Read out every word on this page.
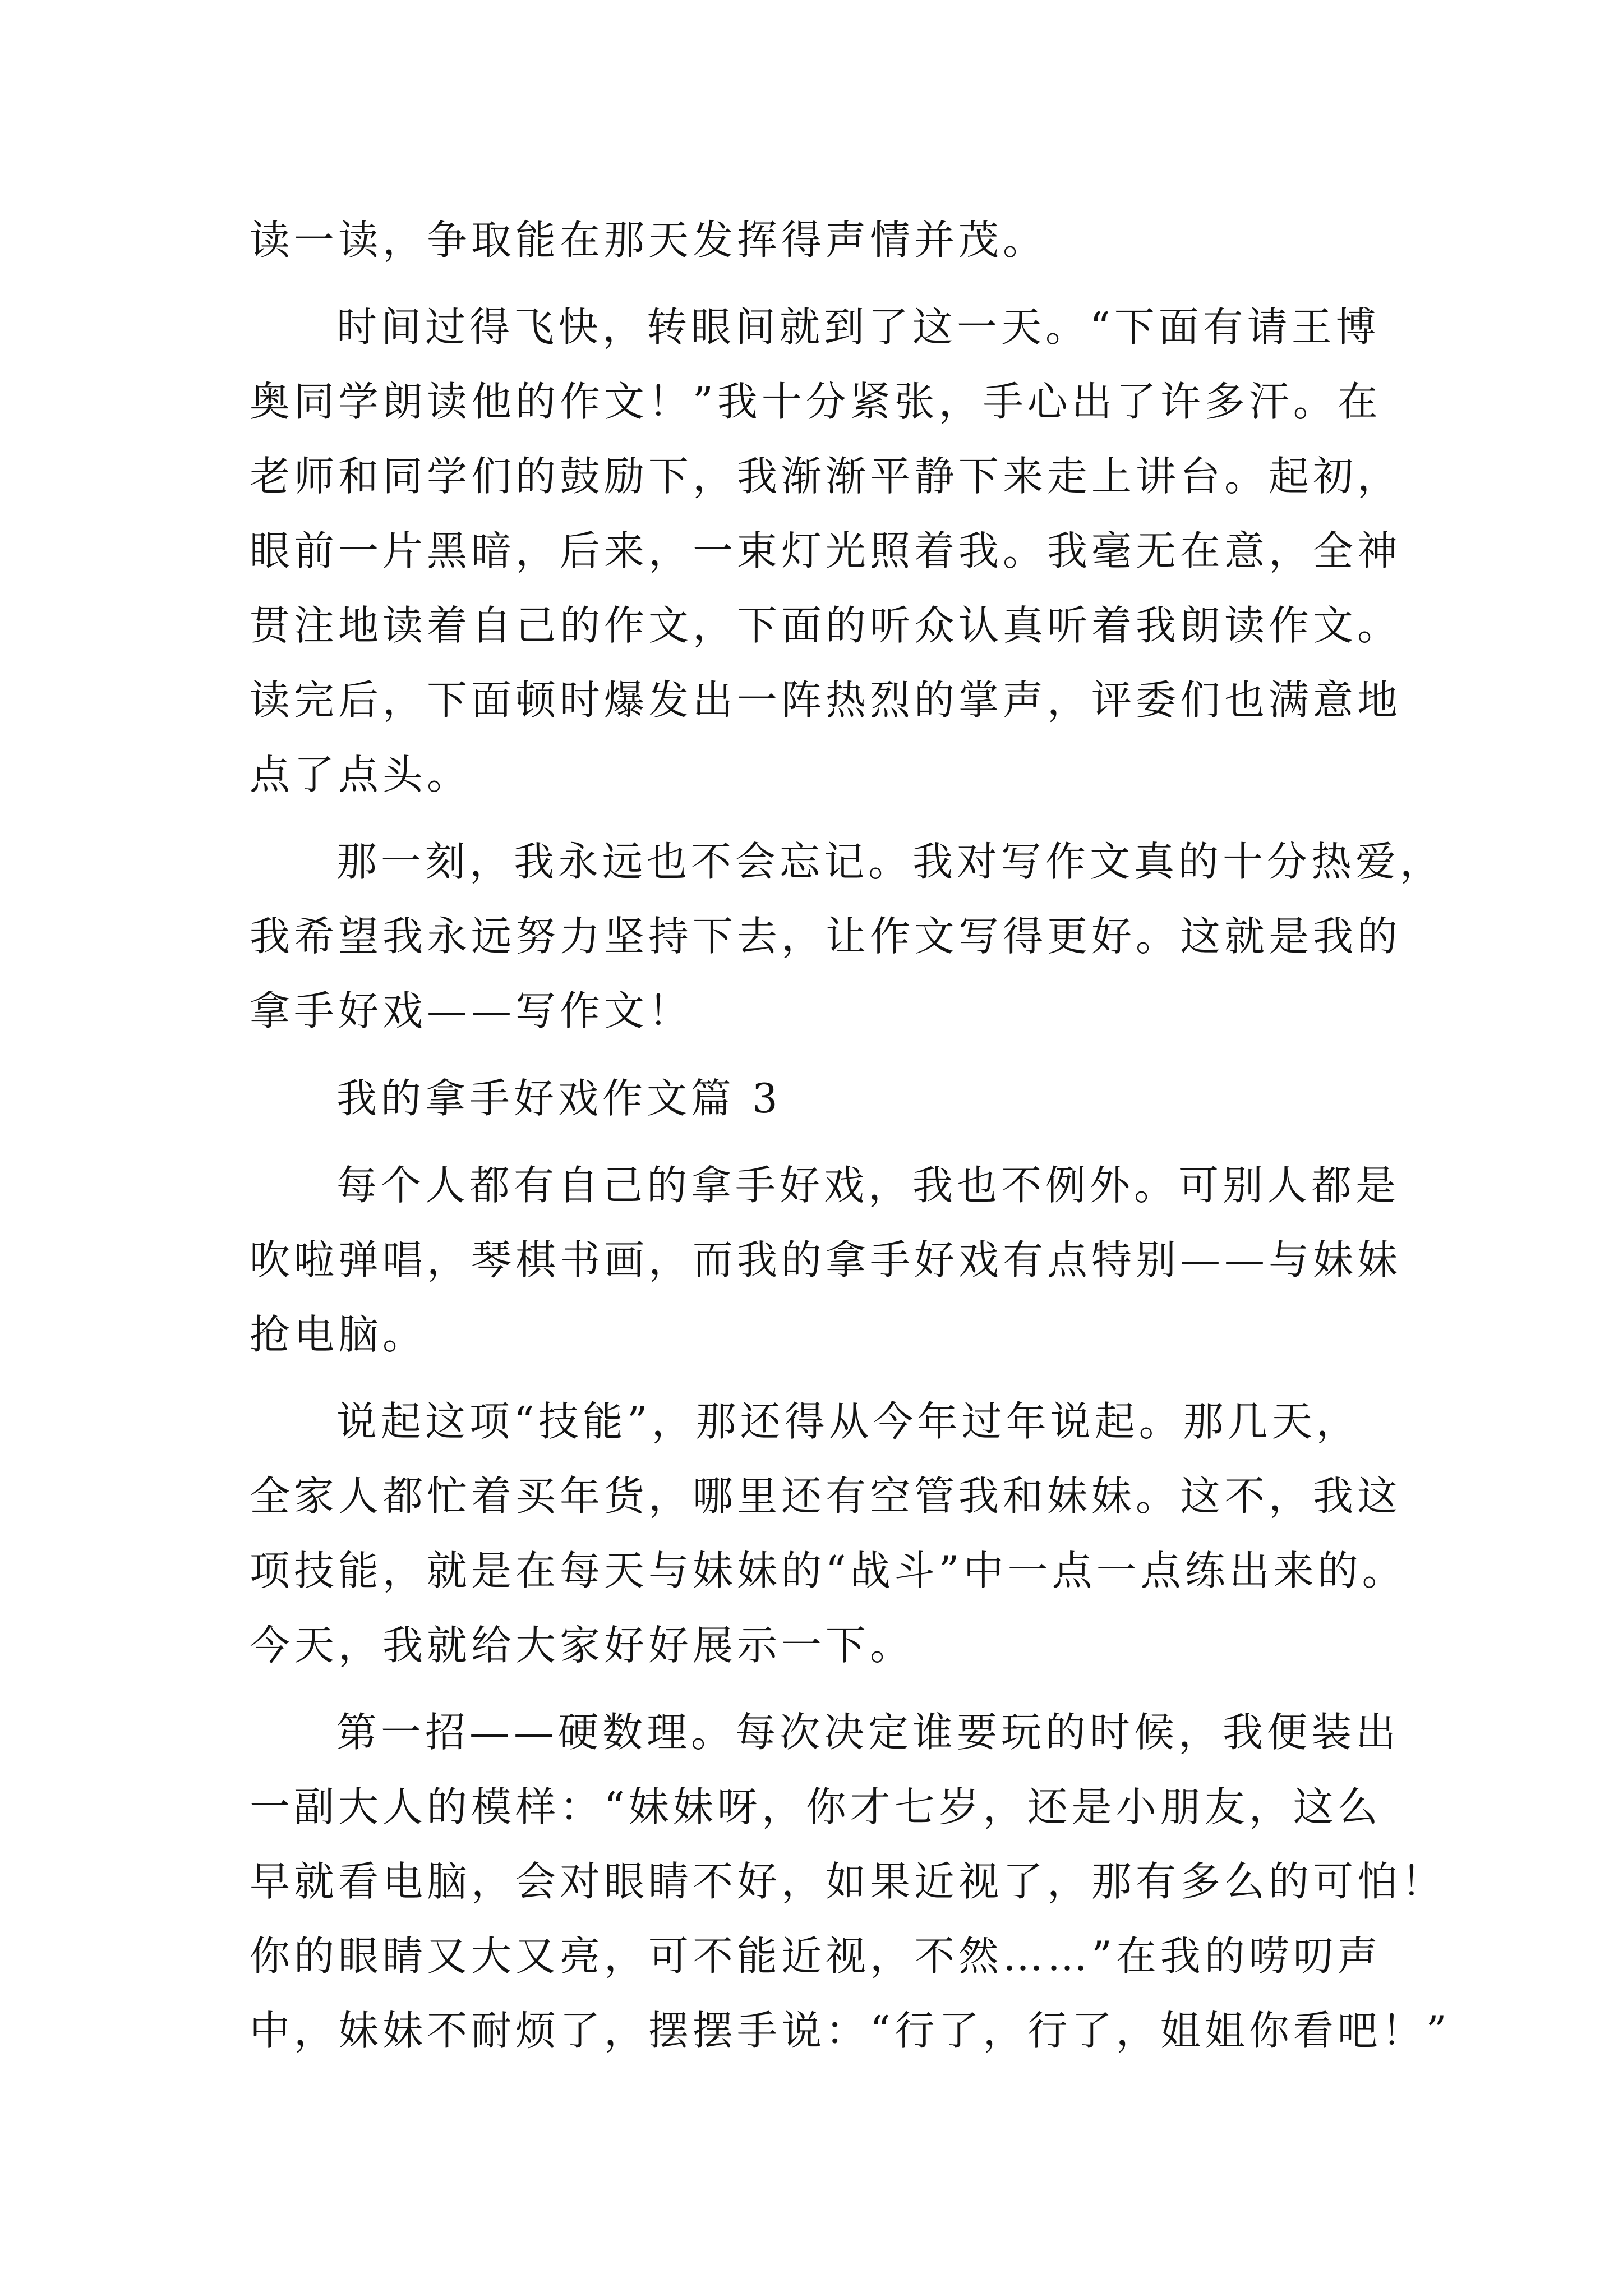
读一读，争取能在那天发挥得声情并茂。
时间过得飞快，转眼间就到了这一天。“下面有请王博
奥同学朗读他的作文！”我十分紧张，手心出了许多汗。在
老师和同学们的鼓励下，我渐渐平静下来走上讲台。起初，
眼前一片黑暗，后来，一束灯光照着我。我毫无在意，全神
贯注地读着自己的作文，下面的听众认真听着我朗读作文。
读完后，下面顿时爆发出一阵热烈的掌声，评委们也满意地
点了点头。
那一刻，我永远也不会忘记。我对写作文真的十分热爱，
我希望我永远努力坚持下去，让作文写得更好。这就是我的
拿手好戏——写作文！
我的拿手好戏作文篇 3
每个人都有自己的拿手好戏，我也不例外。可别人都是
吹啦弹唱，琴棋书画，而我的拿手好戏有点特别——与妹妹
抢电脑。
说起这项“技能”，那还得从今年过年说起。那几天，
全家人都忙着买年货，哪里还有空管我和妹妹。这不，我这
项技能，就是在每天与妹妹的“战斗”中一点一点练出来的。
今天，我就给大家好好展示一下。
第一招——硬数理。每次决定谁要玩的时候，我便装出
一副大人的模样：“妹妹呀，你才七岁，还是小朋友，这么
早就看电脑，会对眼睛不好，如果近视了，那有多么的可怕！
你的眼睛又大又亮，可不能近视，不然……”在我的唠叨声
中，妹妹不耐烦了，摆摆手说：“行了，行了，姐姐你看吧！”
